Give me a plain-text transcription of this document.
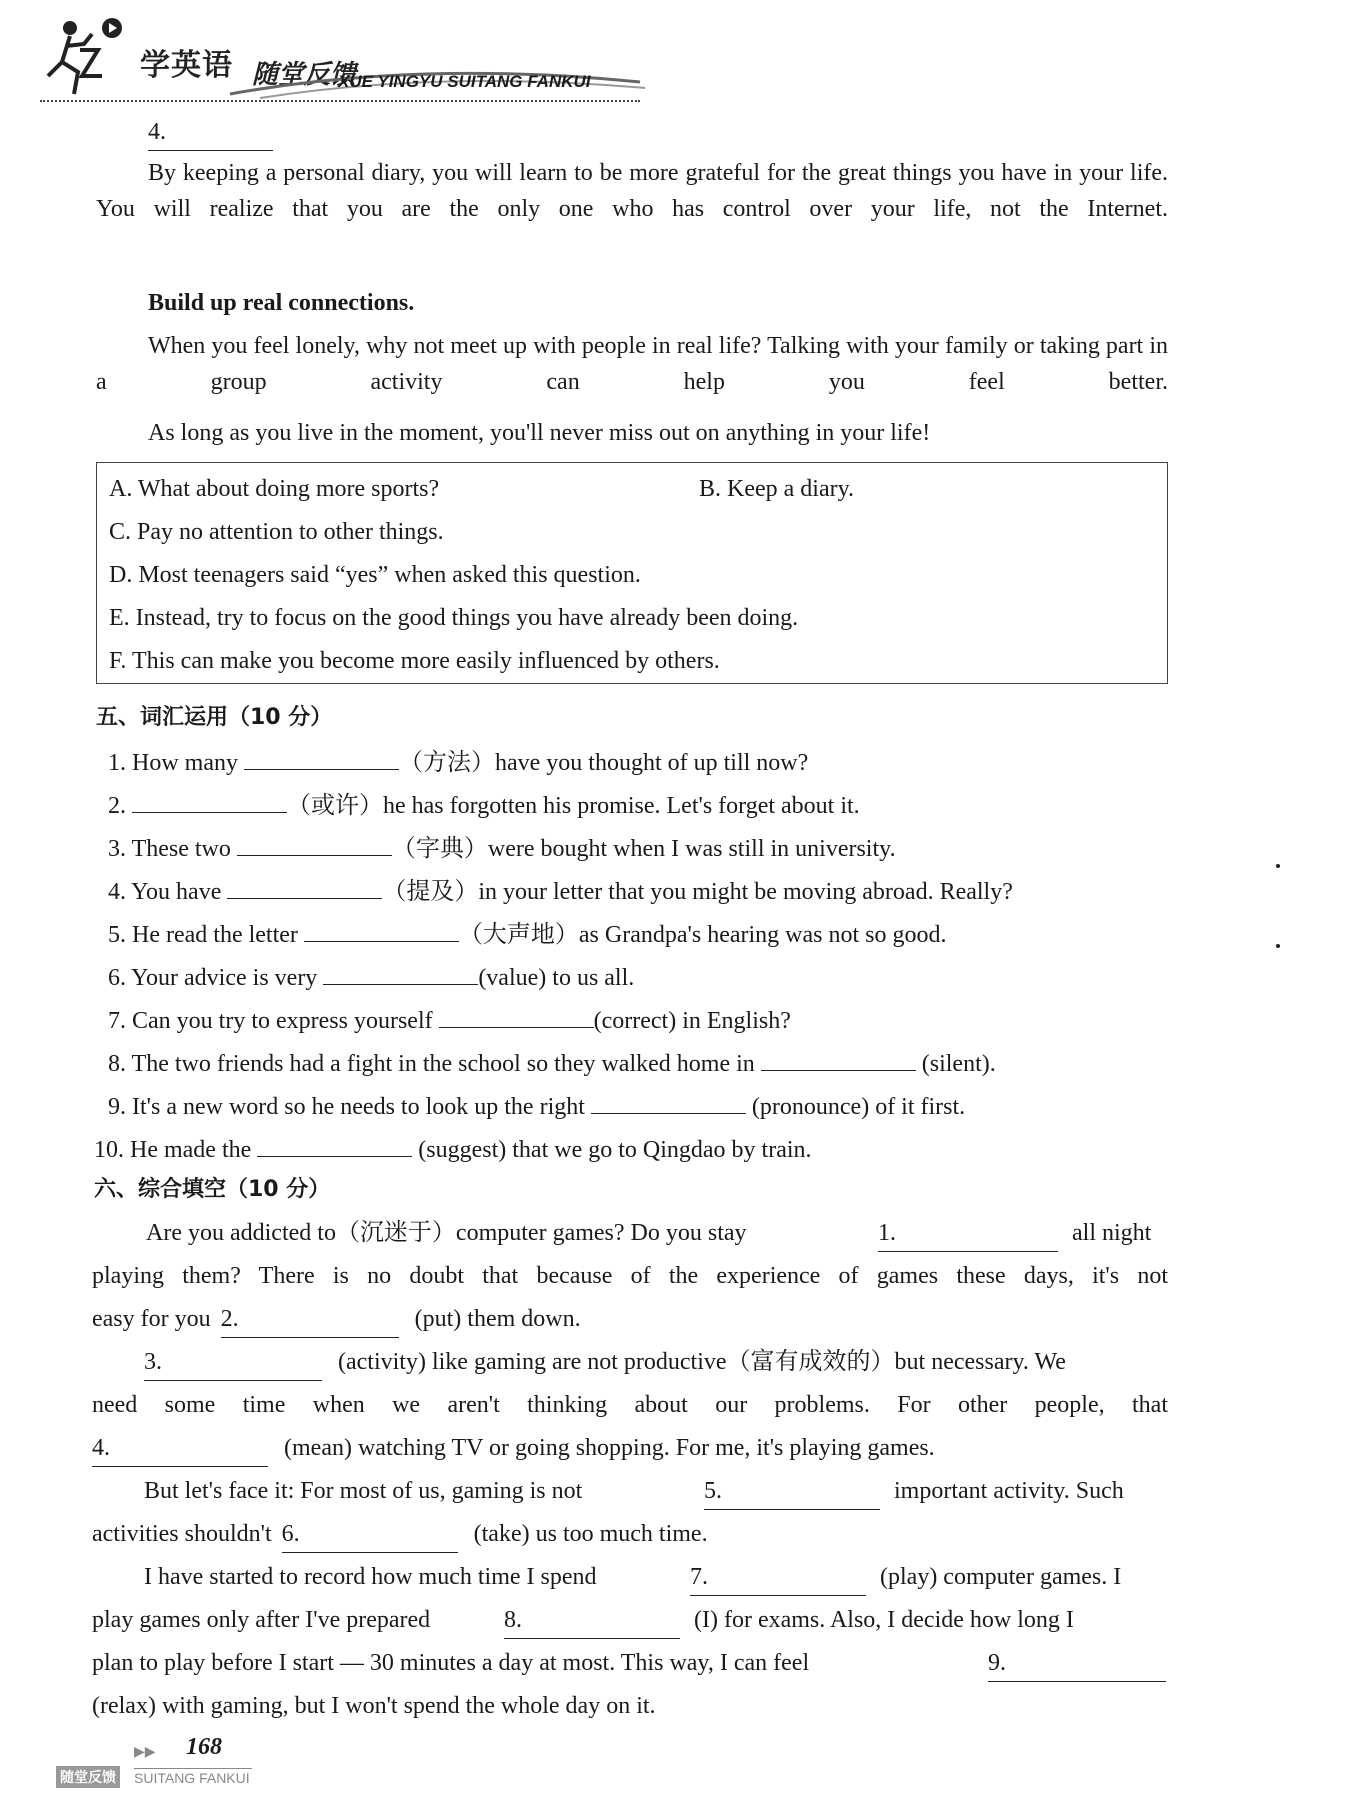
学英语 随堂反馈
XUE YINGYU SUITANG FANKUI
4.
By keeping a personal diary, you will learn to be more grateful for the great things you have in your life. You will realize that you are the only one who has control over your life, not the Internet.
Build up real connections.
When you feel lonely, why not meet up with people in real life? Talking with your family or taking part in a group activity can help you feel better.
As long as you live in the moment, you'll never miss out on anything in your life!
A. What about doing more sports?	B. Keep a diary.
C. Pay no attention to other things.
D. Most teenagers said “yes” when asked this question.
E. Instead, try to focus on the good things you have already been doing.
F. This can make you become more easily influenced by others.
五、词汇运用（10 分）
1. How many	（方法）have you thought of up till now?
2.	（或许）he has forgotten his promise. Let's forget about it.
3. These two	（字典）were bought when I was still in university.
4. You have	（提及）in your letter that you might be moving abroad. Really?
5. He read the letter	（大声地）as Grandpa's hearing was not so good.
6. Your advice is very	(value) to us all.
7. Can you try to express yourself	(correct) in English?
8. The two friends had a fight in the school so they walked home in	(silent).
9. It's a new word so he needs to look up the right	(pronounce) of it first.
10. He made the	(suggest) that we go to Qingdao by train.
六、综合填空（10 分）
Are you addicted to（沉迷于）computer games? Do you stay	1.	all night
playing them? There is no doubt that because of the experience of games these days, it's not
easy for you 2.	(put) them down.
3.	(activity) like gaming are not productive（富有成效的）but necessary. We
need some time when we aren't thinking about our problems. For other people, that
4.	(mean) watching TV or going shopping. For me, it's playing games.
But let's face it: For most of us, gaming is not	5.	important activity. Such
activities shouldn't 6.	(take) us too much time.
I have started to record how much time I spend	7.	(play) computer games. I
play games only after I've prepared	8.	(I) for exams. Also, I decide how long I
plan to play before I start — 30 minutes a day at most. This way, I can feel	9.
(relax) with gaming, but I won't spend the whole day on it.
▶▶ 168
随堂反馈 SUITANG FANKUI
